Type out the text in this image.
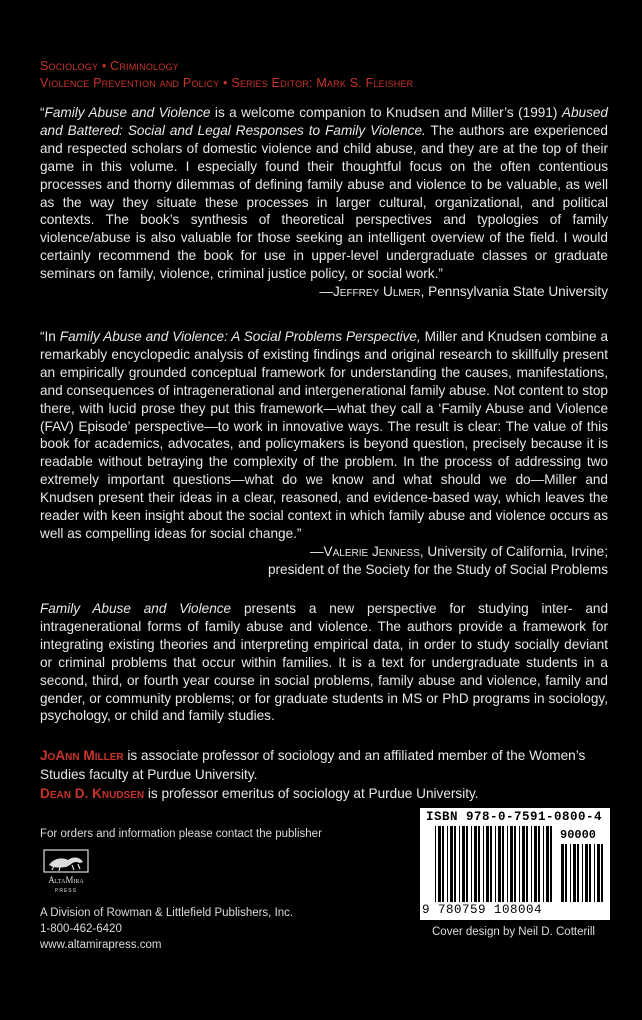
Sociology • Criminology
Violence Prevention and Policy • Series Editor: Mark S. Fleisher
“Family Abuse and Violence is a welcome companion to Knudsen and Miller’s (1991) Abused and Battered: Social and Legal Responses to Family Violence. The authors are experienced and respected scholars of domestic violence and child abuse, and they are at the top of their game in this volume. I especially found their thoughtful focus on the often contentious processes and thorny dilemmas of defining family abuse and violence to be valuable, as well as the way they situate these processes in larger cultural, organizational, and political contexts. The book’s synthesis of theoretical perspectives and typologies of family violence/abuse is also valuable for those seeking an intelligent overview of the field. I would certainly recommend the book for use in upper-level undergraduate classes or graduate seminars on family, violence, criminal justice policy, or social work.”
—Jeffrey Ulmer, Pennsylvania State University
“In Family Abuse and Violence: A Social Problems Perspective, Miller and Knudsen combine a remarkably encyclopedic analysis of existing findings and original research to skillfully present an empirically grounded conceptual framework for understanding the causes, manifestations, and consequences of intragenerational and intergenerational family abuse. Not content to stop there, with lucid prose they put this framework—what they call a ‘Family Abuse and Violence (FAV) Episode’ perspective—to work in innovative ways. The result is clear: The value of this book for academics, advocates, and policymakers is beyond question, precisely because it is readable without betraying the complexity of the problem. In the process of addressing two extremely important questions—what do we know and what should we do—Miller and Knudsen present their ideas in a clear, reasoned, and evidence-based way, which leaves the reader with keen insight about the social context in which family abuse and violence occurs as well as compelling ideas for social change.”
—Valerie Jenness, University of California, Irvine;
president of the Society for the Study of Social Problems
Family Abuse and Violence presents a new perspective for studying inter- and intragenerational forms of family abuse and violence. The authors provide a framework for integrating existing theories and interpreting empirical data, in order to study socially deviant or criminal problems that occur within families. It is a text for undergraduate students in a second, third, or fourth year course in social problems, family abuse and violence, family and gender, or community problems; or for graduate students in MS or PhD programs in sociology, psychology, or child and family studies.
JoAnn Miller is associate professor of sociology and an affiliated member of the Women’s Studies faculty at Purdue University.
Dean D. Knudsen is professor emeritus of sociology at Purdue University.
For orders and information please contact the publisher
AltaMira
PRESS
A Division of Rowman & Littlefield Publishers, Inc.
1-800-462-6420
www.altamirapress.com
ISBN 978-0-7591-0800-4
90000
9 780759 108004
Cover design by Neil D. Cotterill
